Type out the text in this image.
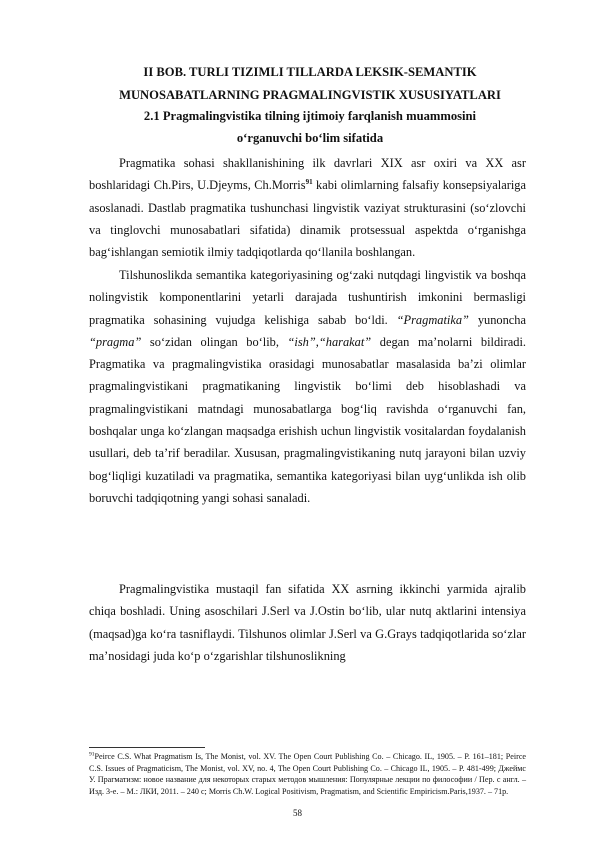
II BOB. TURLI TIZIMLI TILLARDA LEKSIK-SEMANTIK

MUNOSABATLARNING PRAGMALINGVISTIK XUSUSIYATLARI

2.1 Pragmalingvistika tilning ijtimoiy farqlanish muammosini

o‘rganuvchi bo‘lim sifatida

Pragmatika sohasi shakllanishining ilk davrlari XIX asr oxiri va XX asr boshlaridagi Ch.Pirs, U.Djeyms, Ch.Morris$^{91}$ kabi olimlarning falsafiy konsepsiyalariga asoslanadi. Dastlab pragmatika tushunchasi lingvistik vaziyat strukturasini (so‘zlovchi va tinglovchi munosabatlari sifatida) dinamik protsessual aspektda o‘rganishga bag‘ishlangan semiotik ilmiy tadqiqotlarda qo‘llanila boshlangan.

Tilshunoslikda semantika kategoriyasining og‘zaki nutqdagi lingvistik va boshqa nolingvistik komponentlarini yetarli darajada tushuntirish imkonini bermasligi pragmatika sohasining vujudga kelishiga sabab bo‘ldi. “Pragmatika” yunoncha “pragma” so‘zidan olingan bo‘lib, “ish”,“harakat” degan ma’nolarni bildiradi. Pragmatika va pragmalingvistika orasidagi munosabatlar masalasida ba’zi olimlar pragmalingvistikani pragmatikaning lingvistik bo‘limi deb hisoblashadi va pragmalingvistikani matndagi munosabatlarga bog‘liq ravishda o‘rganuvchi fan, boshqalar unga ko‘zlangan maqsadga erishish uchun lingvistik vositalardan foydalanish usullari, deb ta’rif beradilar. Xususan, pragmalingvistikaning nutq jarayoni bilan uzviy bog‘liqligi kuzatiladi va pragmatika, semantika kategoriyasi bilan uyg‘unlikda ish olib boruvchi tadqiqotning yangi sohasi sanaladi.

Pragmalingvistika mustaqil fan sifatida XX asrning ikkinchi yarmida ajralib chiqa boshladi. Uning asoschilari J.Serl va J.Ostin bo‘lib, ular nutq aktlarini intensiya (maqsad)ga ko‘ra tasniflaydi. Tilshunos olimlar J.Serl va G.Grays tadqiqotlarida so‘zlar ma’nosidagi juda ko‘p o‘zgarishlar tilshunoslikning

$^{91}$Peirce C.S. What Pragmatism Is, The Monist, vol. XV. The Open Court Publishing Co. – Chicago. IL, 1905. – P. 161–181; Peirce C.S. Issues of Pragmaticism, The Monist, vol. XV, no. 4, The Open Court Publishing Co. – Chicago IL, 1905. – P. 481-499; Джеймс У. Прагматизм: новое название для некоторых старых методов мышления: Популярные лекции по философии / Пер. с англ. – Изд. 3-е. – М.: ЛКИ, 2011. – 240 с; Morris Ch.W. Logical Positivism, Pragmatism, and Scientific Empiricism.Paris,1937. – 71p.

58
